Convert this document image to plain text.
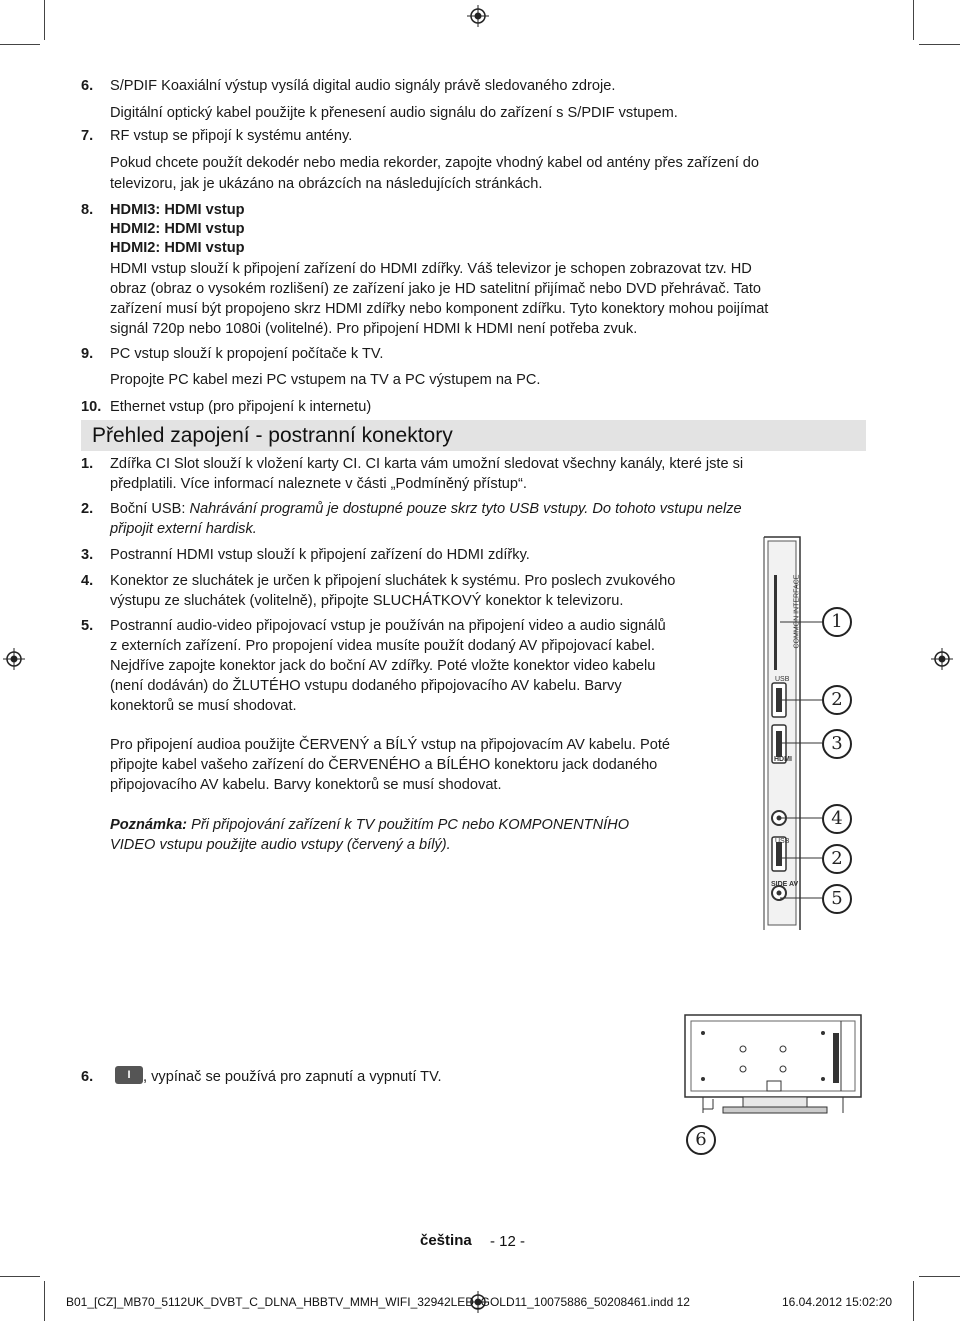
6. S/PDIF Koaxiální výstup vysílá digital audio signály právě sledovaného zdroje.
Digitální optický kabel použijte k přenesení audio signálu do zařízení s S/PDIF vstupem.
7. RF vstup se připojí k systému antény.
Pokud chcete použít dekodér nebo media rekorder, zapojte vhodný kabel od antény přes zařízení do
televizoru, jak je ukázáno na obrázcích na následujících stránkách.
8. HDMI3: HDMI vstup
HDMI2: HDMI vstup
HDMI2: HDMI vstup
HDMI vstup slouží k připojení zařízení do HDMI zdířky. Váš televizor je schopen zobrazovat tzv. HD
obraz (obraz o vysokém rozlišení) ze zařízení jako je HD satelitní přijímač nebo DVD přehrávač. Tato
zařízení musí být propojeno skrz HDMI zdířky nebo komponent zdířku. Tyto konektory mohou poijímat
signál 720p nebo 1080i (volitelné). Pro připojení HDMI k HDMI není potřeba zvuk.
9. PC vstup slouží k propojení počítače k TV.
Propojte PC kabel mezi PC vstupem na TV a PC výstupem na PC.
10. Ethernet vstup (pro připojení k internetu)
Přehled zapojení - postranní konektory
1. Zdířka CI Slot slouží k vložení karty CI. CI karta vám umožní sledovat všechny kanály, které jste si
předplatili. Více informací naleznete v části „Podmíněný přístup“.
2. Boční USB: Nahrávání programů je dostupné pouze skrz tyto USB vstupy. Do tohoto vstupu nelze
připojit externí hardisk.
3. Postranní HDMI vstup slouží k připojení zařízení do HDMI zdířky.
4. Konektor ze sluchátek je určen k připojení sluchátek k systému. Pro poslech zvukového
výstupu ze sluchátek (volitelně), připojte SLUCHÁTKOVÝ konektor k televizoru.
5. Postranní audio-video připojovací vstup je používán na připojení video a audio signálů
z externích zařízení. Pro propojení videa musíte použít dodaný AV připojovací kabel.
Nejdříve zapojte konektor jack do boční AV zdířky. Poté vložte konektor video kabelu
(není dodáván) do ŽLUTÉHO vstupu dodaného připojovacího AV kabelu. Barvy
konektorů se musí shodovat.
Pro připojení audioa použijte ČERVENÝ a BÍLÝ vstup na připojovacím AV kabelu. Poté
připojte kabel vašeho zařízení do ČERVENÉHO a BÍLÉHO konektoru jack dodaného
připojovacího AV kabelu. Barvy konektorů se musí shodovat.
Poznámka: Při připojování zařízení k TV použitím PC nebo KOMPONENTNÍHO
VIDEO vstupu použijte audio vstupy (červený a bílý).
6.	I , vypínač se používá pro zapnutí a vypnutí TV.
COMMON INTERFACE
USB
HDMI
USB
SIDE AV
1
2
3
4
2
5
6
čeština - 12 -
B01_[CZ]_MB70_5112UK_DVBT_C_DLNA_HBBTV_MMH_WIFI_32942LED_GOLD11_10075886_50208461.indd 12	16.04.2012 15:02:20
